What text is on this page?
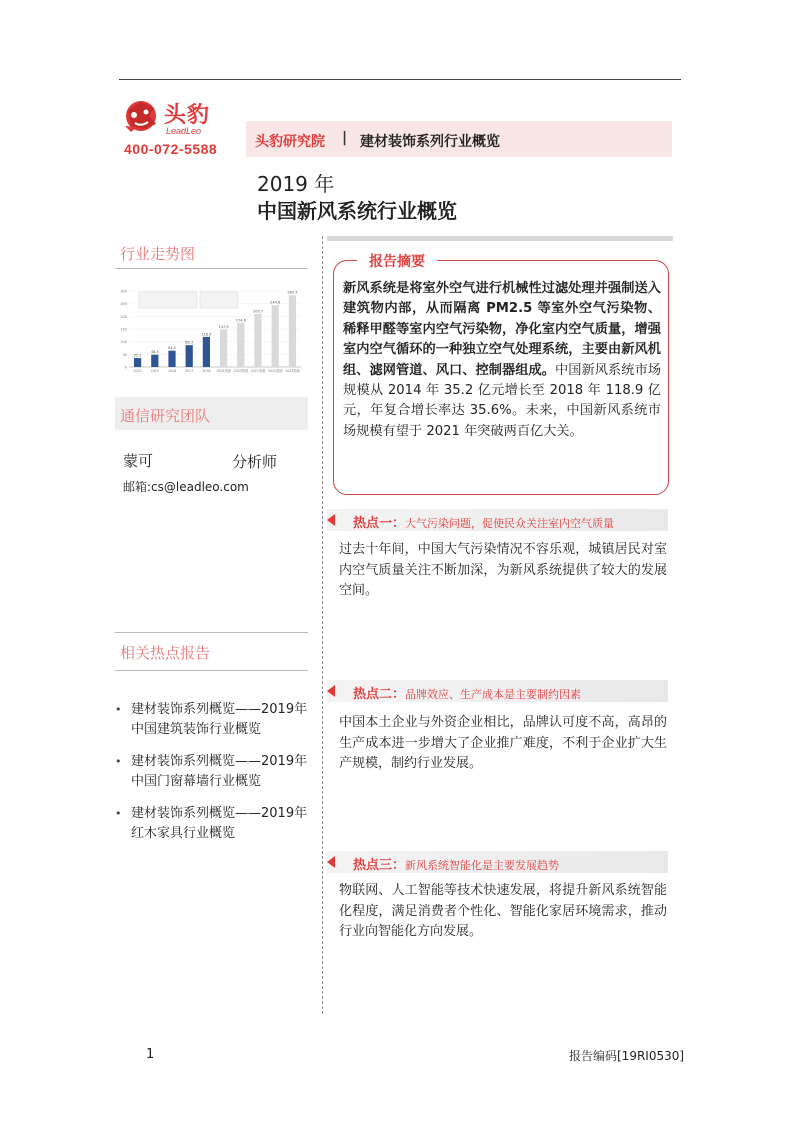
头豹
LeadLeo
400-072-5588	头豹研究院 | 建材装饰系列行业概览
2019 年
中国新风系统行业概览
行业走势图
0
50
100
150
200
250
300
35.2
2014
48.5
2015
64.5
2016
86.3
2017
118.9
2018
147.9
2019预测
174.6
2020预测
209.7
2021预测
244.6
2022预测
283.3
2023预测
通信研究团队
蒙可	分析师
邮箱:cs@leadleo.com
相关热点报告
• 建材装饰系列概览——2019年中国建筑装饰行业概览
• 建材装饰系列概览——2019年中国门窗幕墙行业概览
• 建材装饰系列概览——2019年红木家具行业概览
报告摘要
新风系统是将室外空气进行机械性过滤处理并强制送入建筑物内部，从而隔离 PM2.5 等室外空气污染物、稀释甲醛等室内空气污染物，净化室内空气质量，增强室内空气循环的一种独立空气处理系统，主要由新风机组、滤网管道、风口、控制器组成。中国新风系统市场规模从 2014 年 35.2 亿元增长至 2018 年 118.9 亿元，年复合增长率达 35.6%。未来，中国新风系统市场规模有望于 2021 年突破两百亿大关。
热点一：大气污染问题，促使民众关注室内空气质量
过去十年间，中国大气污染情况不容乐观，城镇居民对室内空气质量关注不断加深，为新风系统提供了较大的发展空间。
热点二：品牌效应、生产成本是主要制约因素
中国本土企业与外资企业相比，品牌认可度不高，高昂的生产成本进一步增大了企业推广难度，不利于企业扩大生产规模，制约行业发展。
热点三：新风系统智能化是主要发展趋势
物联网、人工智能等技术快速发展，将提升新风系统智能化程度，满足消费者个性化、智能化家居环境需求，推动行业向智能化方向发展。
1	报告编码[19RI0530]
